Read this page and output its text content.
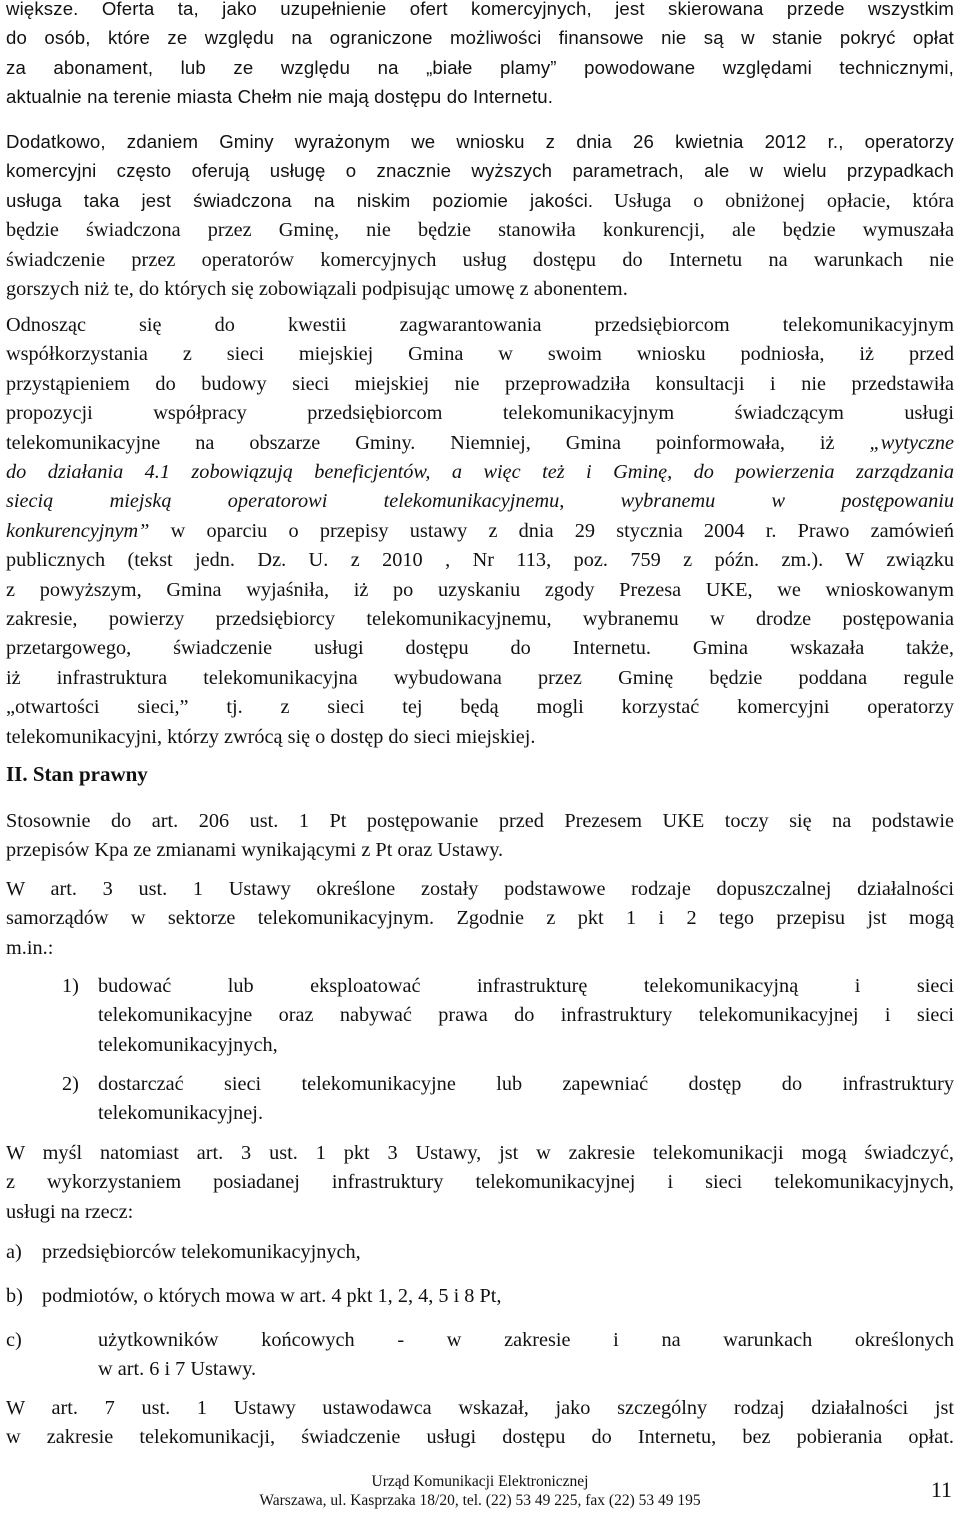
większe. Oferta ta, jako uzupełnienie ofert komercyjnych, jest skierowana przede wszystkim
do osób, które ze względu na ograniczone możliwości finansowe nie są w stanie pokryć opłat
za abonament, lub ze względu na „białe plamy” powodowane względami technicznymi,
aktualnie na terenie miasta Chełm nie mają dostępu do Internetu.
Dodatkowo, zdaniem Gminy wyrażonym we wniosku z dnia 26 kwietnia 2012 r., operatorzy
komercyjni często oferują usługę o znacznie wyższych parametrach, ale w wielu przypadkach
usługa taka jest świadczona na niskim poziomie jakości. Usługa o obniżonej opłacie, która
będzie świadczona przez Gminę, nie będzie stanowiła konkurencji, ale będzie wymuszała
świadczenie przez operatorów komercyjnych usług dostępu do Internetu na warunkach nie
gorszych niż te, do których się zobowiązali podpisując umowę z abonentem.
Odnosząc się do kwestii zagwarantowania przedsiębiorcom telekomunikacyjnym
współkorzystania z sieci miejskiej Gmina w swoim wniosku podniosła, iż przed
przystąpieniem do budowy sieci miejskiej nie przeprowadziła konsultacji i nie przedstawiła
propozycji współpracy przedsiębiorcom telekomunikacyjnym świadczącym usługi
telekomunikacyjne na obszarze Gminy. Niemniej, Gmina poinformowała, iż „wytyczne
do działania 4.1 zobowiązują beneficjentów, a więc też i Gminę, do powierzenia zarządzania
siecią miejską operatorowi telekomunikacyjnemu, wybranemu w postępowaniu
konkurencyjnym” w oparciu o przepisy ustawy z dnia 29 stycznia 2004 r. Prawo zamówień
publicznych (tekst jedn. Dz. U. z 2010 , Nr 113, poz. 759 z późn. zm.). W związku
z powyższym, Gmina wyjaśniła, iż po uzyskaniu zgody Prezesa UKE, we wnioskowanym
zakresie, powierzy przedsiębiorcy telekomunikacyjnemu, wybranemu w drodze postępowania
przetargowego, świadczenie usługi dostępu do Internetu. Gmina wskazała także,
iż infrastruktura telekomunikacyjna wybudowana przez Gminę będzie poddana regule
„otwartości sieci,” tj. z sieci tej będą mogli korzystać komercyjni operatorzy
telekomunikacyjni, którzy zwrócą się o dostęp do sieci miejskiej.
II. Stan prawny
Stosownie do art. 206 ust. 1 Pt postępowanie przed Prezesem UKE toczy się na podstawie
przepisów Kpa ze zmianami wynikającymi z Pt oraz Ustawy.
W art. 3 ust. 1 Ustawy określone zostały podstawowe rodzaje dopuszczalnej działalności
samorządów w sektorze telekomunikacyjnym. Zgodnie z pkt 1 i 2 tego przepisu jst mogą
m.in.:
1) budować lub eksploatować infrastrukturę telekomunikacyjną i sieci
telekomunikacyjne oraz nabywać prawa do infrastruktury telekomunikacyjnej i sieci
telekomunikacyjnych,
2) dostarczać sieci telekomunikacyjne lub zapewniać dostęp do infrastruktury
telekomunikacyjnej.
W myśl natomiast art. 3 ust. 1 pkt 3 Ustawy, jst w zakresie telekomunikacji mogą świadczyć,
z wykorzystaniem posiadanej infrastruktury telekomunikacyjnej i sieci telekomunikacyjnych,
usługi na rzecz:
a) przedsiębiorców telekomunikacyjnych,
b) podmiotów, o których mowa w art. 4 pkt 1, 2, 4, 5 i 8 Pt,
c)	użytkowników końcowych - w zakresie i na warunkach określonych
w art. 6 i 7 Ustawy.
W art. 7 ust. 1 Ustawy ustawodawca wskazał, jako szczególny rodzaj działalności jst
w zakresie telekomunikacji, świadczenie usługi dostępu do Internetu, bez pobierania opłat.
Urząd Komunikacji Elektronicznej
Warszawa, ul. Kasprzaka 18/20, tel. (22) 53 49 225, fax (22) 53 49 195	11
